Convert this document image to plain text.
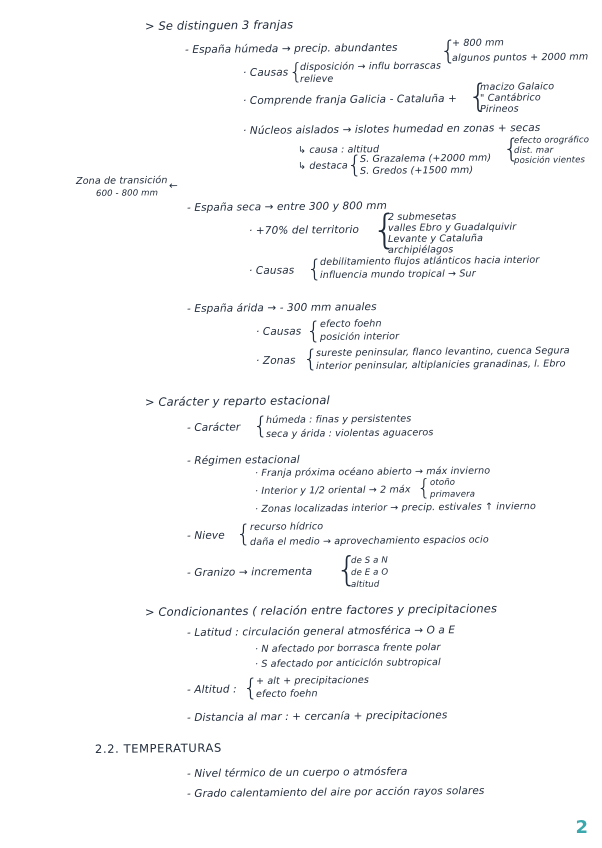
> Se distinguen 3 franjas
- España húmeda → precip. abundantes {
+ 800 mm
algunos puntos + 2000 mm
· Causas {
disposición → influ borrascas
relieve
· Comprende franja Galicia - Cataluña + {
macizo Galaico
" Cantábrico
Pirineos
· Núcleos aislados → islotes humedad en zonas + secas
↳ causa : altitud	{
efecto orográfico
dist. mar
posición vientes
↳ destaca {
S. Grazalema (+2000 mm)
S. Gredos (+1500 mm)
Zona de transición
600 - 800 mm
←
- España seca → entre 300 y 800 mm
· +70% del territorio {
2 submesetas
valles Ebro y Guadalquivir
Levante y Cataluña
archipiélagos
· Causas {
debilitamiento flujos atlánticos hacia interior
influencia mundo tropical → Sur
- España árida → - 300 mm anuales
· Causas {
efecto foehn
posición interior
· Zonas {
sureste peninsular, flanco levantino, cuenca Segura
interior peninsular, altiplanicies granadinas, l. Ebro
> Carácter y reparto estacional
- Carácter {
húmeda : finas y persistentes
seca y árida : violentas aguaceros
- Régimen estacional
· Franja próxima océano abierto → máx invierno
· Interior y 1/2 oriental → 2 máx {
otoño
primavera
· Zonas localizadas interior → precip. estivales ↑ invierno
- Nieve {
recurso hídrico
daña el medio → aprovechamiento espacios ocio
- Granizo → incrementa {
de S a N
de E a O
altitud
> Condicionantes ( relación entre factores y precipitaciones
- Latitud : circulación general atmosférica → O a E
· N afectado por borrasca frente polar
· S afectado por anticiclón subtropical
- Altitud : {
+ alt + precipitaciones
efecto foehn
- Distancia al mar : + cercanía + precipitaciones
2.2. TEMPERATURAS
- Nivel térmico de un cuerpo o atmósfera
- Grado calentamiento del aire por acción rayos solares
2
